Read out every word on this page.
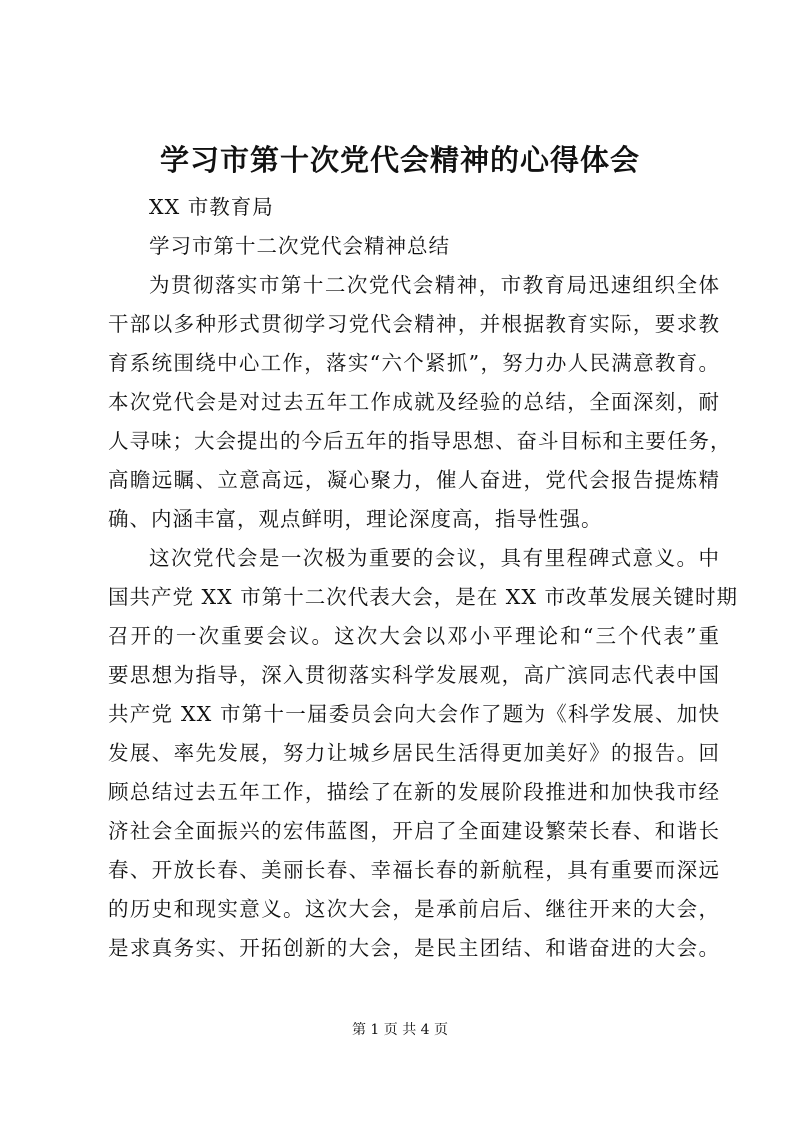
学习市第十次党代会精神的心得体会
XX 市教育局
学习市第十二次党代会精神总结
为贯彻落实市第十二次党代会精神，市教育局迅速组织全体
干部以多种形式贯彻学习党代会精神，并根据教育实际，要求教
育系统围绕中心工作，落实“六个紧抓”，努力办人民满意教育。
本次党代会是对过去五年工作成就及经验的总结，全面深刻，耐
人寻味；大会提出的今后五年的指导思想、奋斗目标和主要任务，
高瞻远瞩、立意高远，凝心聚力，催人奋进，党代会报告提炼精
确、内涵丰富，观点鲜明，理论深度高，指导性强。
这次党代会是一次极为重要的会议，具有里程碑式意义。中
国共产党 XX 市第十二次代表大会，是在 XX 市改革发展关键时期
召开的一次重要会议。这次大会以邓小平理论和“三个代表”重
要思想为指导，深入贯彻落实科学发展观，高广滨同志代表中国
共产党 XX 市第十一届委员会向大会作了题为《科学发展、加快
发展、率先发展，努力让城乡居民生活得更加美好》的报告。回
顾总结过去五年工作，描绘了在新的发展阶段推进和加快我市经
济社会全面振兴的宏伟蓝图，开启了全面建设繁荣长春、和谐长
春、开放长春、美丽长春、幸福长春的新航程，具有重要而深远
的历史和现实意义。这次大会，是承前启后、继往开来的大会，
是求真务实、开拓创新的大会，是民主团结、和谐奋进的大会。
第 1 页 共 4 页
